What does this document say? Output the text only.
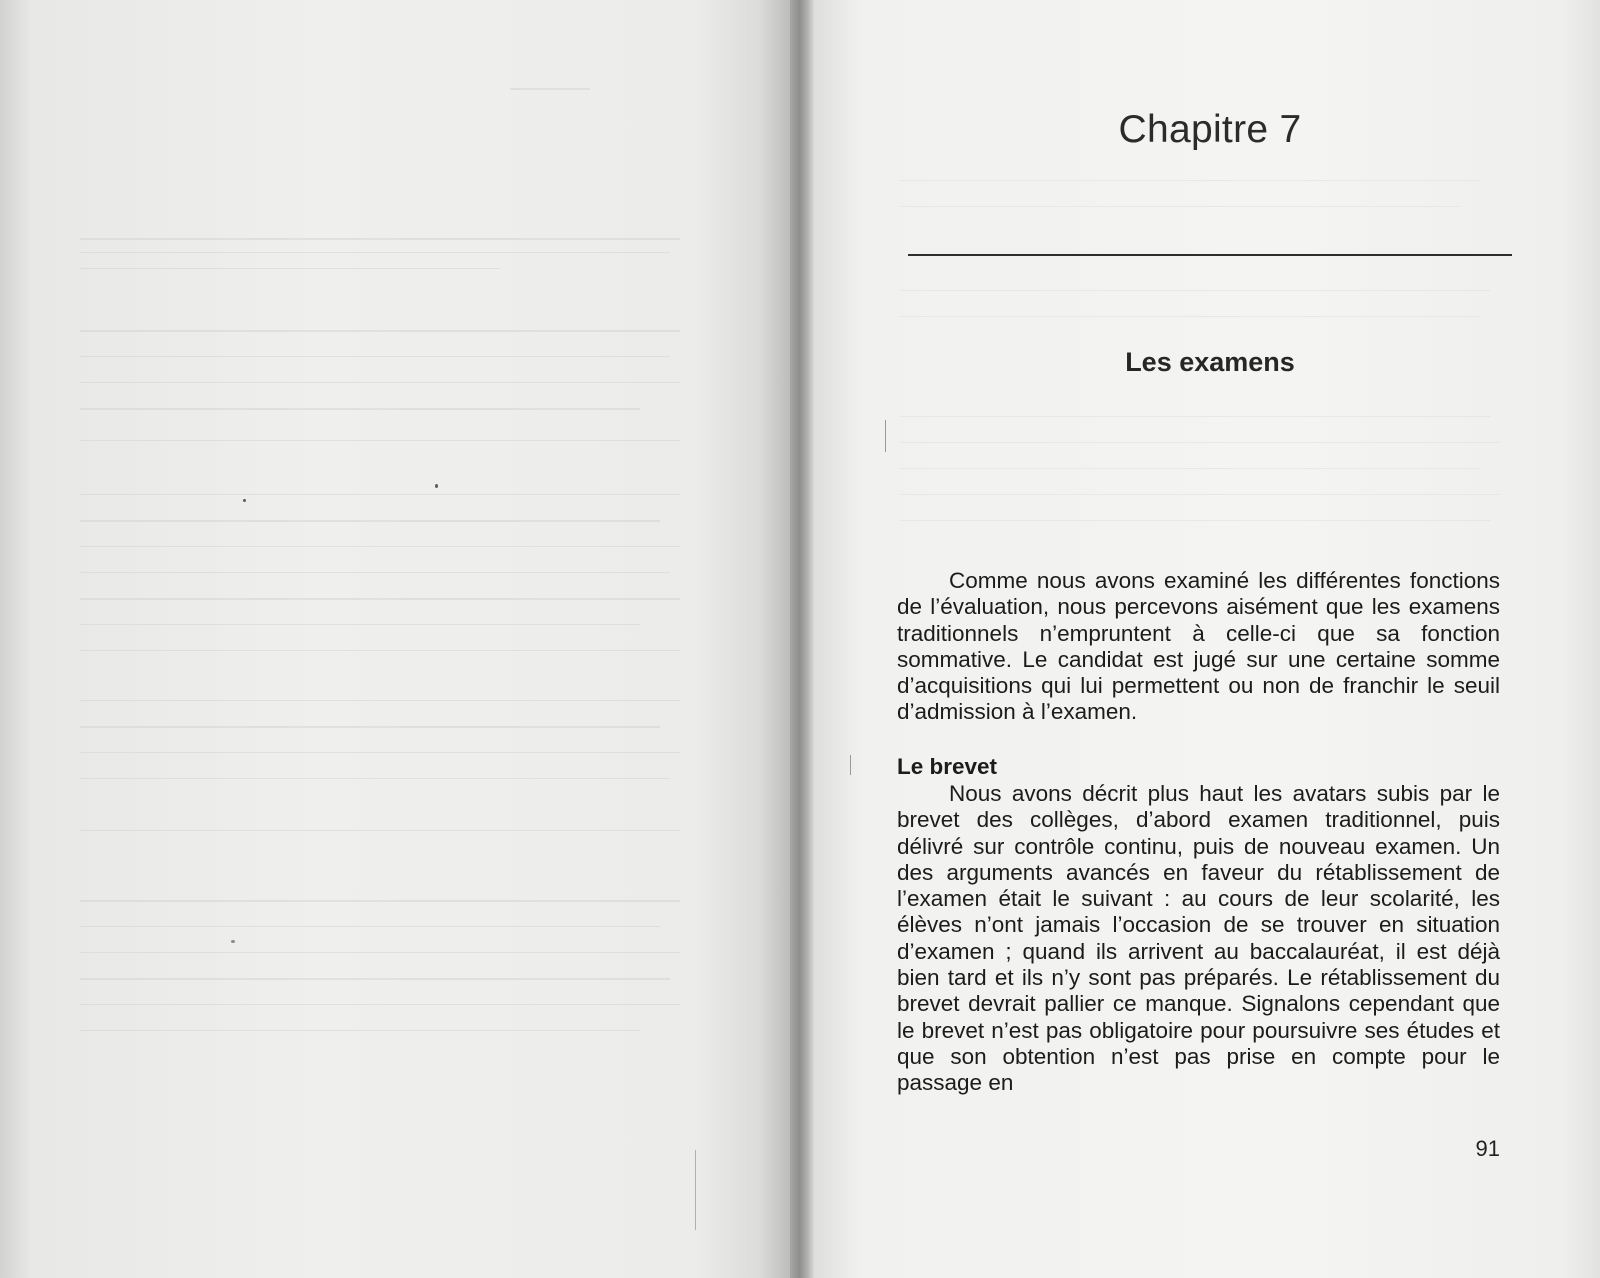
Chapitre 7
Les examens

Comme nous avons examiné les différentes fonctions de l’évaluation, nous percevons aisément que les examens traditionnels n’empruntent à celle-ci que sa fonction sommative. Le candidat est jugé sur une certaine somme d’acquisitions qui lui permettent ou non de franchir le seuil d’admission à l’examen.

Le brevet

Nous avons décrit plus haut les avatars subis par le brevet des collèges, d’abord examen traditionnel, puis délivré sur contrôle continu, puis de nouveau examen. Un des arguments avancés en faveur du rétablissement de l’examen était le suivant : au cours de leur scolarité, les élèves n’ont jamais l’occasion de se trouver en situation d’examen ; quand ils arrivent au baccalauréat, il est déjà bien tard et ils n’y sont pas préparés. Le rétablissement du brevet devrait pallier ce manque. Signalons cependant que le brevet n’est pas obligatoire pour poursuivre ses études et que son obtention n’est pas prise en compte pour le passage en

91
